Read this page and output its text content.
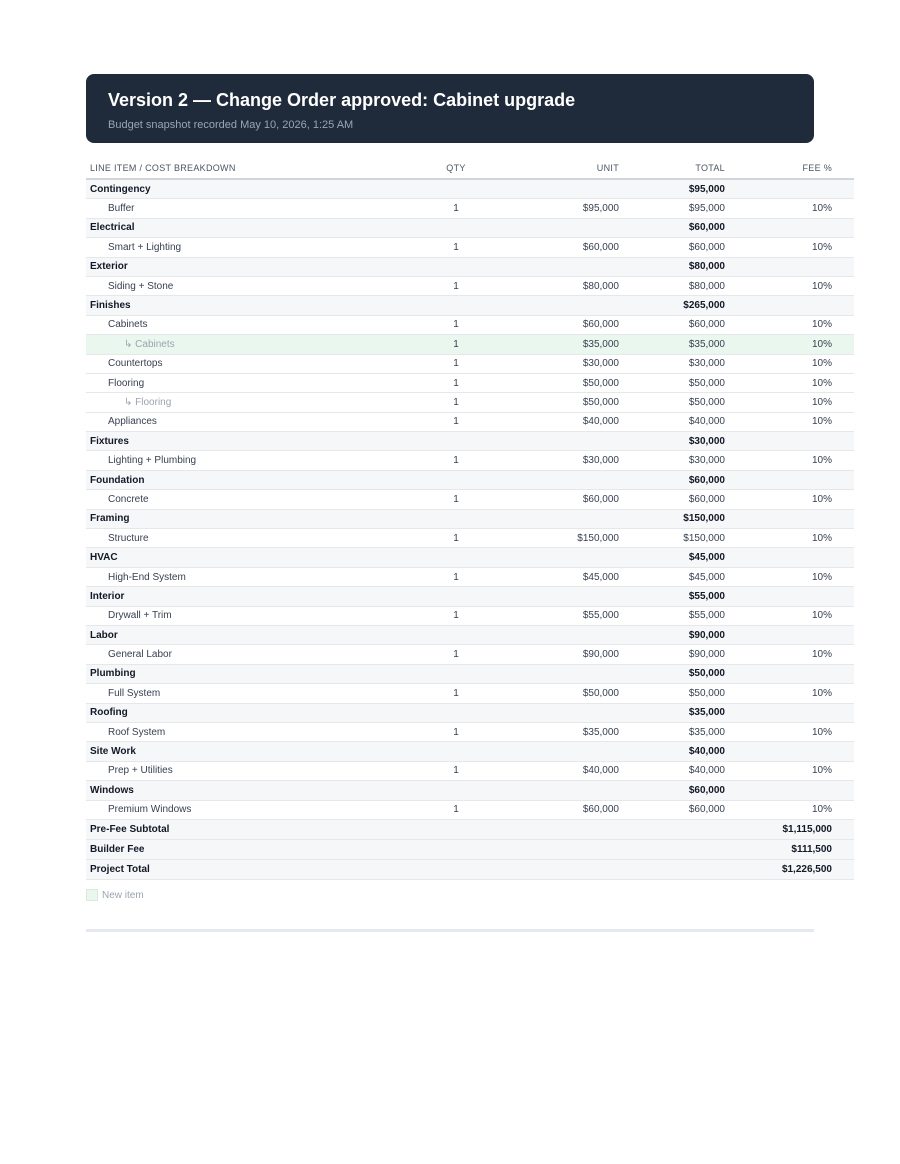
Version 2 — Change Order approved: Cabinet upgrade
Budget snapshot recorded May 10, 2026, 1:25 AM
LINE ITEM / COST BREAKDOWN	QTY	UNIT	TOTAL	FEE %
Contingency			$95,000	
Buffer	1	$95,000	$95,000	10%
Electrical			$60,000	
Smart + Lighting	1	$60,000	$60,000	10%
Exterior			$80,000	
Siding + Stone	1	$80,000	$80,000	10%
Finishes			$265,000	
Cabinets	1	$60,000	$60,000	10%
↳ Cabinets	1	$35,000	$35,000	10%
Countertops	1	$30,000	$30,000	10%
Flooring	1	$50,000	$50,000	10%
↳ Flooring	1	$50,000	$50,000	10%
Appliances	1	$40,000	$40,000	10%
Fixtures			$30,000	
Lighting + Plumbing	1	$30,000	$30,000	10%
Foundation			$60,000	
Concrete	1	$60,000	$60,000	10%
Framing			$150,000	
Structure	1	$150,000	$150,000	10%
HVAC			$45,000	
High-End System	1	$45,000	$45,000	10%
Interior			$55,000	
Drywall + Trim	1	$55,000	$55,000	10%
Labor			$90,000	
General Labor	1	$90,000	$90,000	10%
Plumbing			$50,000	
Full System	1	$50,000	$50,000	10%
Roofing			$35,000	
Roof System	1	$35,000	$35,000	10%
Site Work			$40,000	
Prep + Utilities	1	$40,000	$40,000	10%
Windows			$60,000	
Premium Windows	1	$60,000	$60,000	10%
Pre-Fee Subtotal				$1,115,000
Builder Fee				$111,500
Project Total				$1,226,500
New item
